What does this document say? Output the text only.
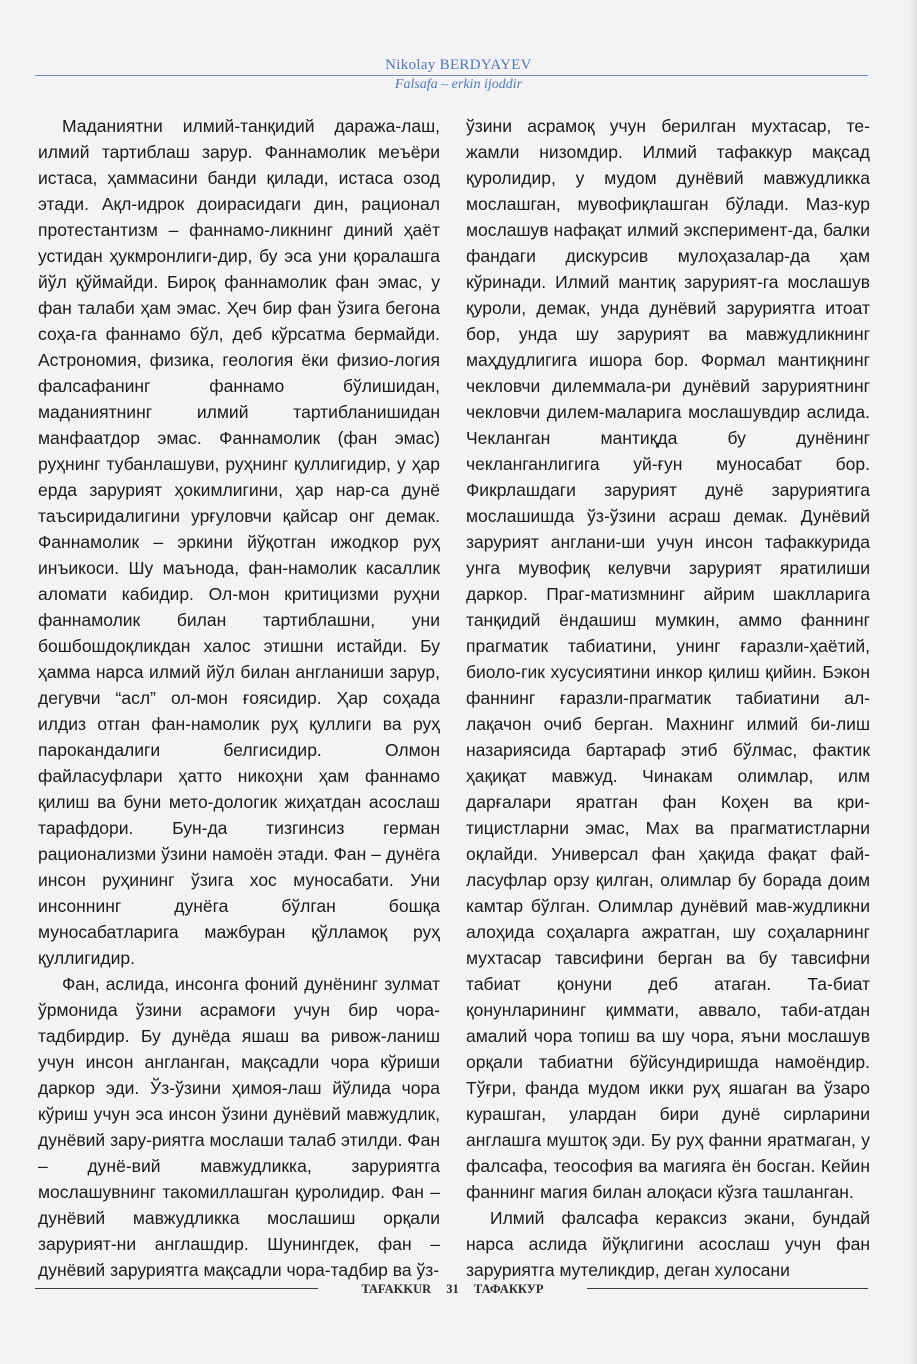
Nikolay BERDYAYEV
Falsafa – erkin ijoddir

Маданиятни илмий-танқидий даража-лаш, илмий тартиблаш зарур. Фаннамолик меъёри истаса, ҳаммасини банди қилади, истаса озод этади. Ақл-идрок доирасидаги дин, рационал протестантизм – фаннамо-ликнинг диний ҳаёт устидан ҳукмронлиги-дир, бу эса уни қоралашга йўл қўймайди. Бироқ фаннамолик фан эмас, у фан талаби ҳам эмас. Ҳеч бир фан ўзига бегона соҳа-га фаннамо бўл, деб кўрсатма бермайди. Астрономия, физика, геология ёки физио-логия фалсафанинг фаннамо бўлишидан, маданиятнинг илмий тартибланишидан манфаатдор эмас. Фаннамолик (фан эмас) руҳнинг тубанлашуви, руҳнинг қуллигидир, у ҳар ерда зарурият ҳокимлигини, ҳар нар-са дунё таъсиридалигини урғуловчи қайсар онг демак. Фаннамолик – эркини йўқотган ижодкор руҳ инъикоси. Шу маънода, фан-намолик касаллик аломати кабидир. Ол-мон критицизми руҳни фаннамолик билан тартиблашни, уни бошбошдоқликдан халос этишни истайди. Бу ҳамма нарса илмий йўл билан англаниши зарур, дегувчи “асл” ол-мон ғоясидир. Ҳар соҳада илдиз отган фан-намолик руҳ қуллиги ва руҳ парокандалиги белгисидир. Олмон файласуфлари ҳатто никоҳни ҳам фаннамо қилиш ва буни мето-дологик жиҳатдан асослаш тарафдори. Бун-да тизгинсиз герман рационализми ўзини намоён этади. Фан – дунёга инсон руҳининг ўзига хос муносабати. Уни инсоннинг дунёга бўлган бошқа муносабатларига мажбуран қўлламоқ руҳ қуллигидир.

Фан, аслида, инсонга фоний дунёнинг зулмат ўрмонида ўзини асрамоғи учун бир чора-тадбирдир. Бу дунёда яшаш ва ривож-ланиш учун инсон англанган, мақсадли чора кўриши даркор эди. Ўз-ўзини ҳимоя-лаш йўлида чора кўриш учун эса инсон ўзини дунёвий мавжудлик, дунёвий зару-риятга мослаши талаб этилди. Фан – дунё-вий мавжудликка, заруриятга мослашувнинг такомиллашган қуролидир. Фан – дунёвий мавжудликка мослашиш орқали зарурият-ни англашдир. Шунингдек, фан – дунёвий заруриятга мақсадли чора-тадбир ва ўз-

ўзини асрамоқ учун берилган мухтасар, те-жамли низомдир. Илмий тафаккур мақсад қуролидир, у мудом дунёвий мавжудликка мослашган, мувофиқлашган бўлади. Маз-кур мослашув нафақат илмий эксперимент-да, балки фандаги дискурсив мулоҳазалар-да ҳам кўринади. Илмий мантиқ зарурият-га мослашув қуроли, демак, унда дунёвий заруриятга итоат бор, унда шу зарурият ва мавжудликнинг маҳдудлигига ишора бор. Формал мантиқнинг чекловчи дилеммала-ри дунёвий заруриятнинг чекловчи дилем-маларига мослашувдир аслида. Чекланган мантиқда бу дунёнинг чекланганлигига уй-ғун муносабат бор. Фикрлашдаги зарурият дунё заруриятига мослашишда ўз-ўзини асраш демак. Дунёвий зарурият англани-ши учун инсон тафаккурида унга мувофиқ келувчи зарурият яратилиши даркор. Праг-матизмнинг айрим шаклларига танқидий ёндашиш мумкин, аммо фаннинг прагматик табиатини, унинг ғаразли-ҳаётий, биоло-гик хусусиятини инкор қилиш қийин. Бэкон фаннинг ғаразли-прагматик табиатини ал-лақачон очиб берган. Махнинг илмий би-лиш назариясида бартараф этиб бўлмас, фактик ҳақиқат мавжуд. Чинакам олимлар, илм дарғалари яратган фан Коҳен ва кри-тицистларни эмас, Мах ва прагматистларни оқлайди. Универсал фан ҳақида фақат фай-ласуфлар орзу қилган, олимлар бу борада доим камтар бўлган. Олимлар дунёвий мав-жудликни алоҳида соҳаларга ажратган, шу соҳаларнинг мухтасар тавсифини берган ва бу тавсифни табиат қонуни деб атаган. Та-биат қонунларининг қиммати, аввало, таби-атдан амалий чора топиш ва шу чора, яъни мослашув орқали табиатни бўйсундиришда намоёндир. Тўғри, фанда мудом икки руҳ яшаган ва ўзаро курашган, улардан бири дунё сирларини англашга муштоқ эди. Бу руҳ фанни яратмаган, у фалсафа, теософия ва магияга ён босган. Кейин фаннинг магия билан алоқаси кўзга ташланган.

Илмий фалсафа кераксиз экани, бундай нарса аслида йўқлигини асослаш учун фан заруриятга мутеликдир, деган хулосани

TAFAKKUR 31 ТАФАККУР
